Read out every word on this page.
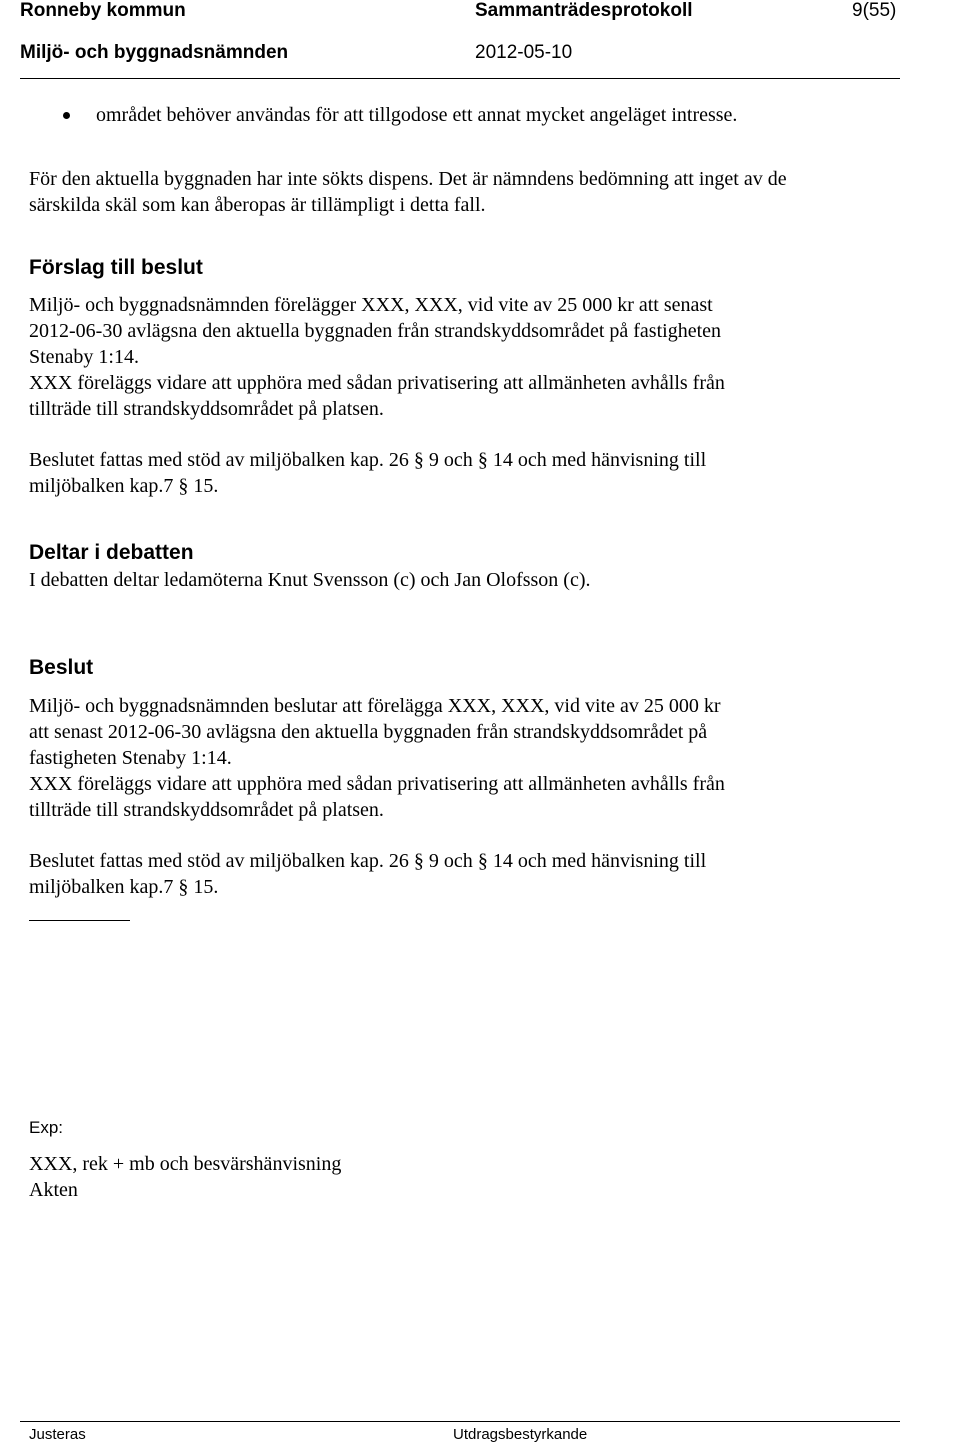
Ronneby kommun	Sammanträdesprotokoll	9(55)
Miljö- och byggnadsnämnden	2012-05-10
området behöver användas för att tillgodose ett annat mycket angeläget intresse.
För den aktuella byggnaden har inte sökts dispens. Det är nämndens bedömning att inget av de
särskilda skäl som kan åberopas är tillämpligt i detta fall.
Förslag till beslut
Miljö- och byggnadsnämnden förelägger XXX, XXX, vid vite av 25 000 kr att senast
2012-06-30 avlägsna den aktuella byggnaden från strandskyddsområdet på fastigheten
Stenaby 1:14.
XXX föreläggs vidare att upphöra med sådan privatisering att allmänheten avhålls från
tillträde till strandskyddsområdet på platsen.
Beslutet fattas med stöd av miljöbalken kap. 26 § 9 och § 14 och med hänvisning till
miljöbalken kap.7 § 15.
Deltar i debatten
I debatten deltar ledamöterna Knut Svensson (c) och Jan Olofsson (c).
Beslut
Miljö- och byggnadsnämnden beslutar att förelägga XXX, XXX, vid vite av 25 000 kr
att senast 2012-06-30 avlägsna den aktuella byggnaden från strandskyddsområdet på
fastigheten Stenaby 1:14.
XXX föreläggs vidare att upphöra med sådan privatisering att allmänheten avhålls från
tillträde till strandskyddsområdet på platsen.
Beslutet fattas med stöd av miljöbalken kap. 26 § 9 och § 14 och med hänvisning till
miljöbalken kap.7 § 15.
Exp:
XXX, rek + mb och besvärshänvisning
Akten
Justeras	Utdragsbestyrkande
